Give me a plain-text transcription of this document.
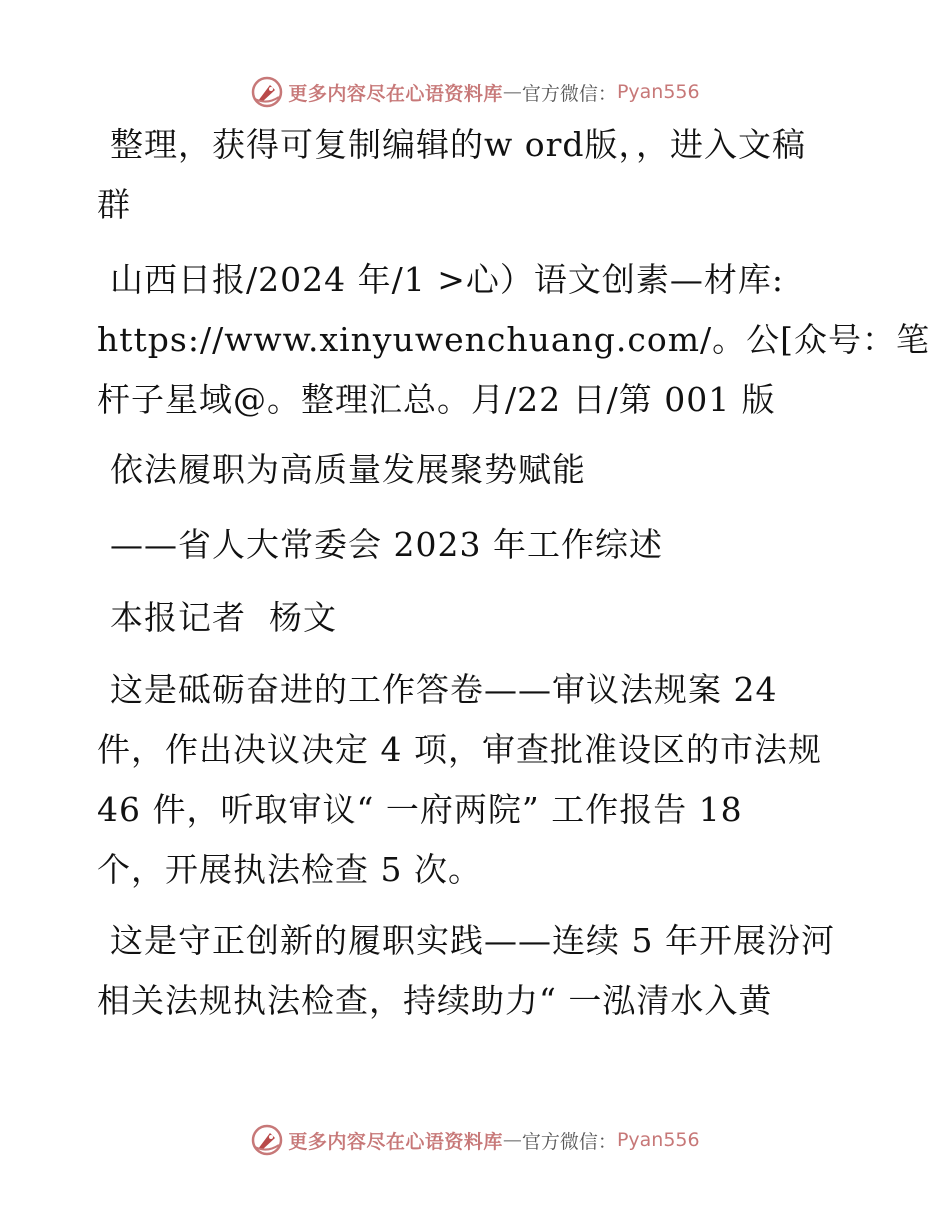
更多内容尽在心语资料库 — 官方微信： Pyan556
整理，获得可复制编辑的w ord版，，进入文稿
群
山西日报/2024 年/1 >心）语文创素—材库:
https://www.xinyuwenchuang.com/。公[众号：笔
杆子星域@。整理汇总。月/22 日/第 001 版
依法履职为高质量发展聚势赋能
——省人大常委会 2023 年工作综述
本报记者  杨文
这是砥砺奋进的工作答卷——审议法规案 24
件，作出决议决定 4 项，审查批准设区的市法规
46 件，听取审议“ 一府两院” 工作报告 18
个，开展执法检查 5 次。
这是守正创新的履职实践——连续 5 年开展汾河
相关法规执法检查，持续助力“ 一泓清水入黄
更多内容尽在心语资料库 — 官方微信： Pyan556
